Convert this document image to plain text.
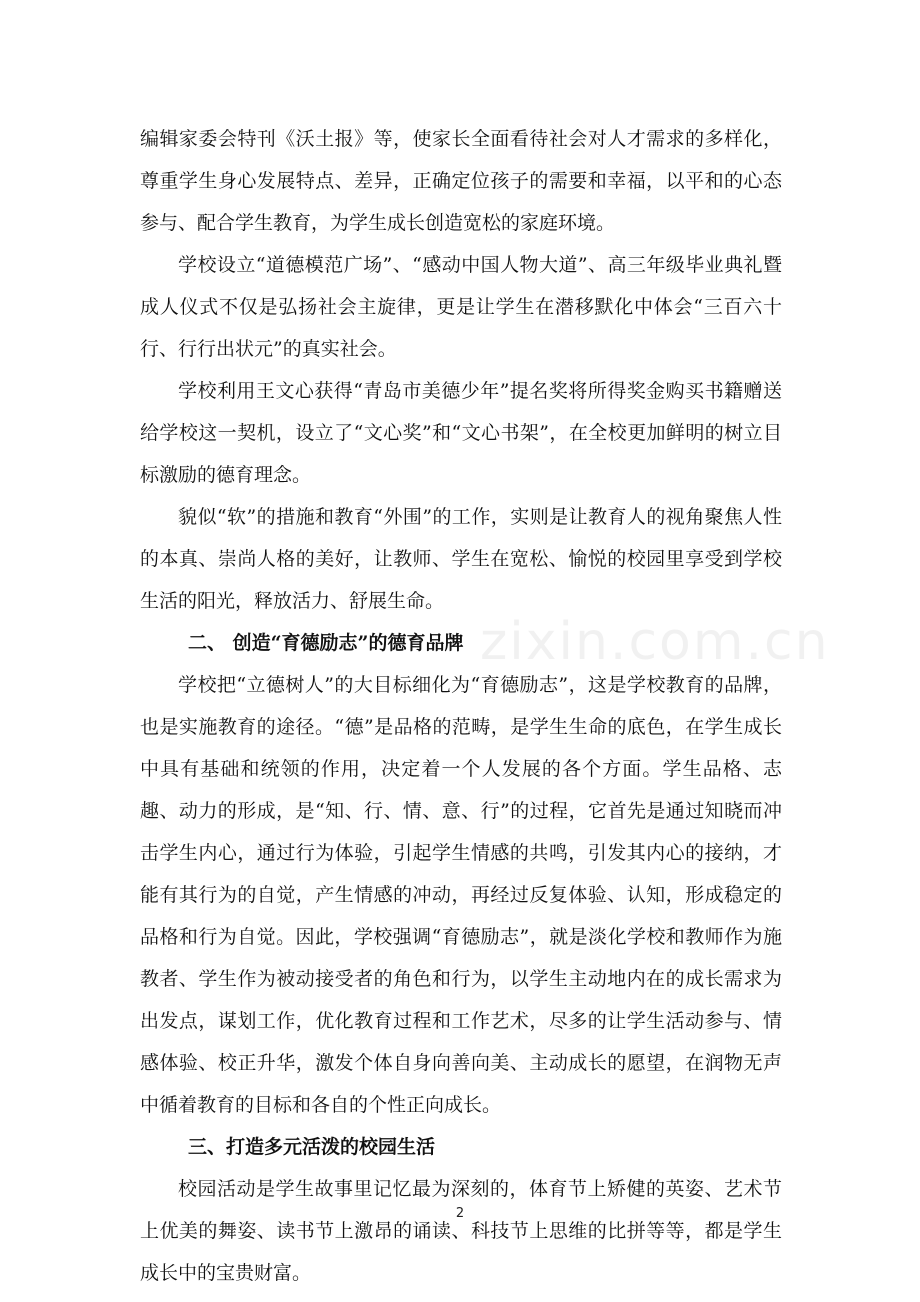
zixin.com.cn

编辑家委会特刊《沃土报》等，使家长全面看待社会对人才需求的多样化，尊重学生身心发展特点、差异，正确定位孩子的需要和幸福，以平和的心态参与、配合学生教育，为学生成长创造宽松的家庭环境。

学校设立“道德模范广场”、“感动中国人物大道”、高三年级毕业典礼暨成人仪式不仅是弘扬社会主旋律，更是让学生在潜移默化中体会“三百六十行、行行出状元”的真实社会。

学校利用王文心获得“青岛市美德少年”提名奖将所得奖金购买书籍赠送给学校这一契机，设立了“文心奖”和“文心书架”，在全校更加鲜明的树立目标激励的德育理念。

貌似“软”的措施和教育“外围”的工作，实则是让教育人的视角聚焦人性的本真、崇尚人格的美好，让教师、学生在宽松、愉悦的校园里享受到学校生活的阳光，释放活力、舒展生命。

二、 创造“育德励志”的德育品牌

学校把“立德树人”的大目标细化为“育德励志”，这是学校教育的品牌，也是实施教育的途径。“德”是品格的范畴，是学生生命的底色，在学生成长中具有基础和统领的作用，决定着一个人发展的各个方面。学生品格、志趣、动力的形成，是“知、行、情、意、行”的过程，它首先是通过知晓而冲击学生内心，通过行为体验，引起学生情感的共鸣，引发其内心的接纳，才能有其行为的自觉，产生情感的冲动，再经过反复体验、认知，形成稳定的品格和行为自觉。因此，学校强调“育德励志”，就是淡化学校和教师作为施教者、学生作为被动接受者的角色和行为，以学生主动地内在的成长需求为出发点，谋划工作，优化教育过程和工作艺术，尽多的让学生活动参与、情感体验、校正升华，激发个体自身向善向美、主动成长的愿望，在润物无声中循着教育的目标和各自的个性正向成长。

三、打造多元活泼的校园生活

校园活动是学生故事里记忆最为深刻的，体育节上矫健的英姿、艺术节上优美的舞姿、读书节上激昂的诵读、科技节上思维的比拼等等，都是学生成长中的宝贵财富。

2
